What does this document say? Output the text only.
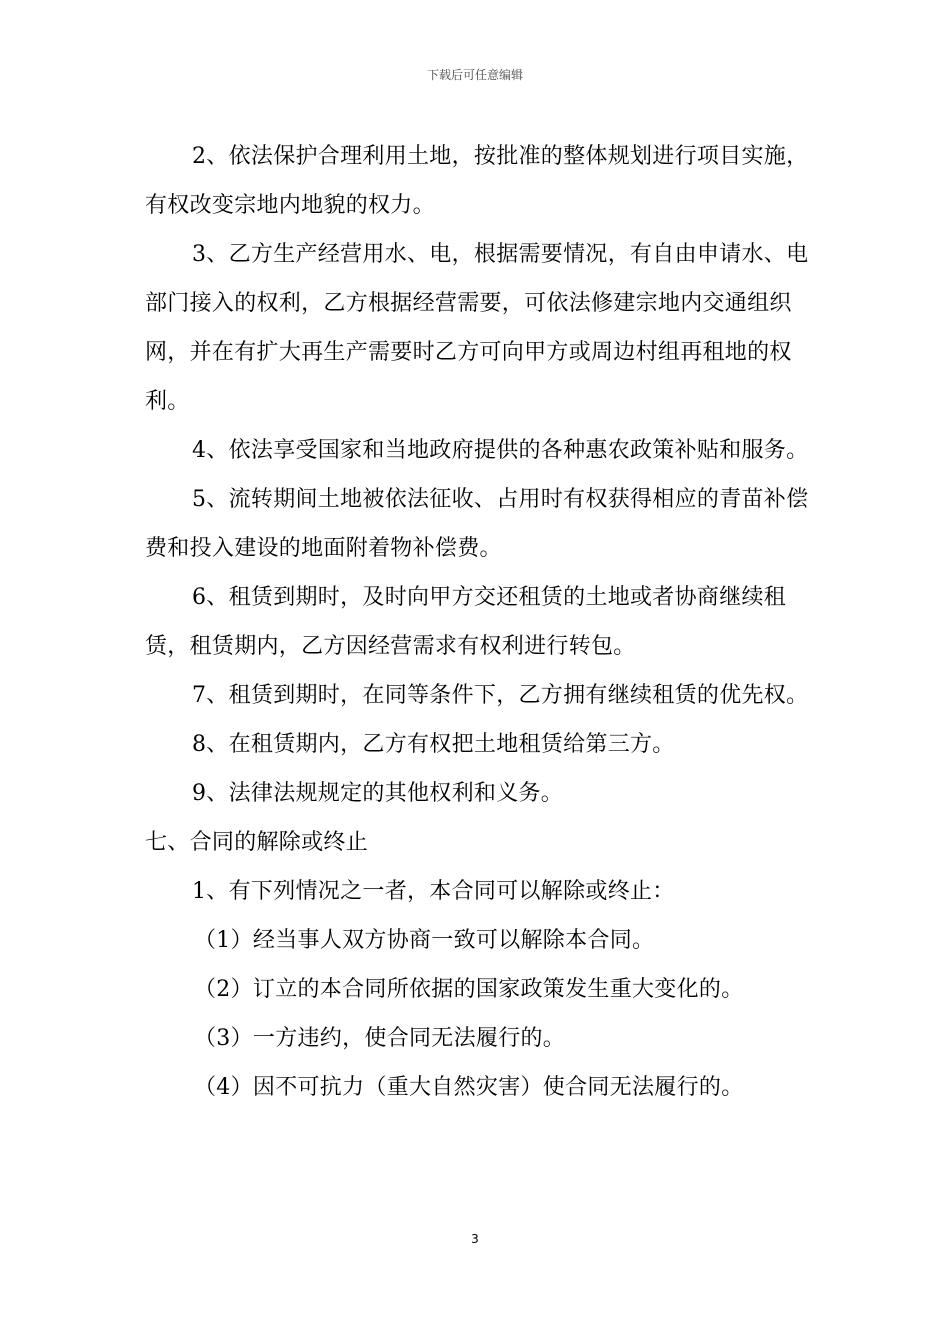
下载后可任意编辑

2、依法保护合理利用土地，按批准的整体规划进行项目实施，有权改变宗地内地貌的权力。

3、乙方生产经营用水、电，根据需要情况，有自由申请水、电部门接入的权利，乙方根据经营需要，可依法修建宗地内交通组织网，并在有扩大再生产需要时乙方可向甲方或周边村组再租地的权利。

4、依法享受国家和当地政府提供的各种惠农政策补贴和服务。

5、流转期间土地被依法征收、占用时有权获得相应的青苗补偿费和投入建设的地面附着物补偿费。

6、租赁到期时，及时向甲方交还租赁的土地或者协商继续租赁，租赁期内，乙方因经营需求有权利进行转包。

7、租赁到期时，在同等条件下，乙方拥有继续租赁的优先权。

8、在租赁期内，乙方有权把土地租赁给第三方。

9、法律法规规定的其他权利和义务。

七、合同的解除或终止

1、有下列情况之一者，本合同可以解除或终止：

（1）经当事人双方协商一致可以解除本合同。

（2）订立的本合同所依据的国家政策发生重大变化的。

（3）一方违约，使合同无法履行的。

（4）因不可抗力（重大自然灾害）使合同无法履行的。

3
